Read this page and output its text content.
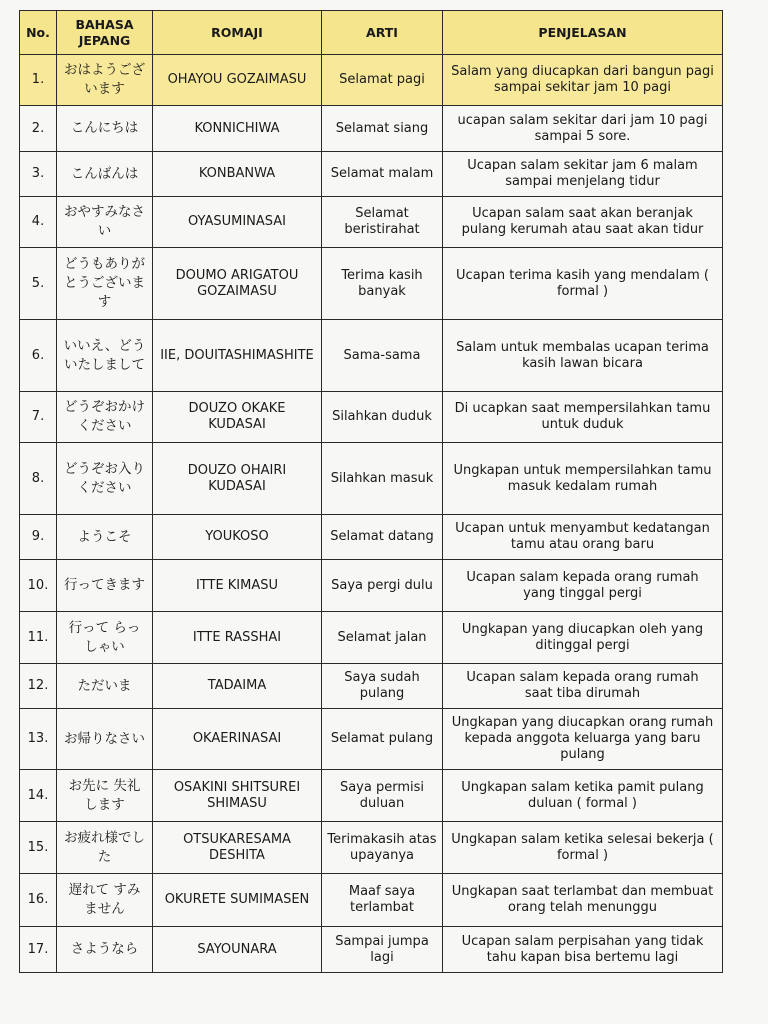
No.	BAHASA JEPANG	ROMAJI	ARTI	PENJELASAN
1.	おはようございます	OHAYOU GOZAIMASU	Selamat pagi	Salam yang diucapkan dari bangun pagi sampai sekitar jam 10 pagi
2.	こんにちは	KONNICHIWA	Selamat siang	ucapan salam sekitar dari jam 10 pagi sampai 5 sore.
3.	こんばんは	KONBANWA	Selamat malam	Ucapan salam sekitar jam 6 malam sampai menjelang tidur
4.	おやすみなさい	OYASUMINASAI	Selamat beristirahat	Ucapan salam saat akan beranjak pulang kerumah atau saat akan tidur
5.	どうもありがとうございます	DOUMO ARIGATOU GOZAIMASU	Terima kasih banyak	Ucapan terima kasih yang mendalam ( formal )
6.	いいえ、どう いたしまして	IIE, DOUITASHIMASHITE	Sama-sama	Salam untuk membalas ucapan terima kasih lawan bicara
7.	どうぞおかけください	DOUZO OKAKE KUDASAI	Silahkan duduk	Di ucapkan saat mempersilahkan tamu untuk duduk
8.	どうぞお入り ください	DOUZO OHAIRI KUDASAI	Silahkan masuk	Ungkapan untuk mempersilahkan tamu masuk kedalam rumah
9.	ようこそ	YOUKOSO	Selamat datang	Ucapan untuk menyambut kedatangan tamu atau orang baru
10.	行ってきます	ITTE KIMASU	Saya pergi dulu	Ucapan salam kepada orang rumah yang tinggal pergi
11.	行って らっしゃい	ITTE RASSHAI	Selamat jalan	Ungkapan yang diucapkan oleh yang ditinggal pergi
12.	ただいま	TADAIMA	Saya sudah pulang	Ucapan salam kepada orang rumah saat tiba dirumah
13.	お帰りなさい	OKAERINASAI	Selamat pulang	Ungkapan yang diucapkan orang rumah kepada anggota keluarga yang baru pulang
14.	お先に 失礼します	OSAKINI SHITSUREI SHIMASU	Saya permisi duluan	Ungkapan salam ketika pamit pulang duluan ( formal )
15.	お疲れ様でした	OTSUKARESAMA DESHITA	Terimakasih atas upayanya	Ungkapan salam ketika selesai bekerja ( formal )
16.	遅れて すみません	OKURETE SUMIMASEN	Maaf saya terlambat	Ungkapan saat terlambat dan membuat orang telah menunggu
17.	さようなら	SAYOUNARA	Sampai jumpa lagi	Ucapan salam perpisahan yang tidak tahu kapan bisa bertemu lagi
